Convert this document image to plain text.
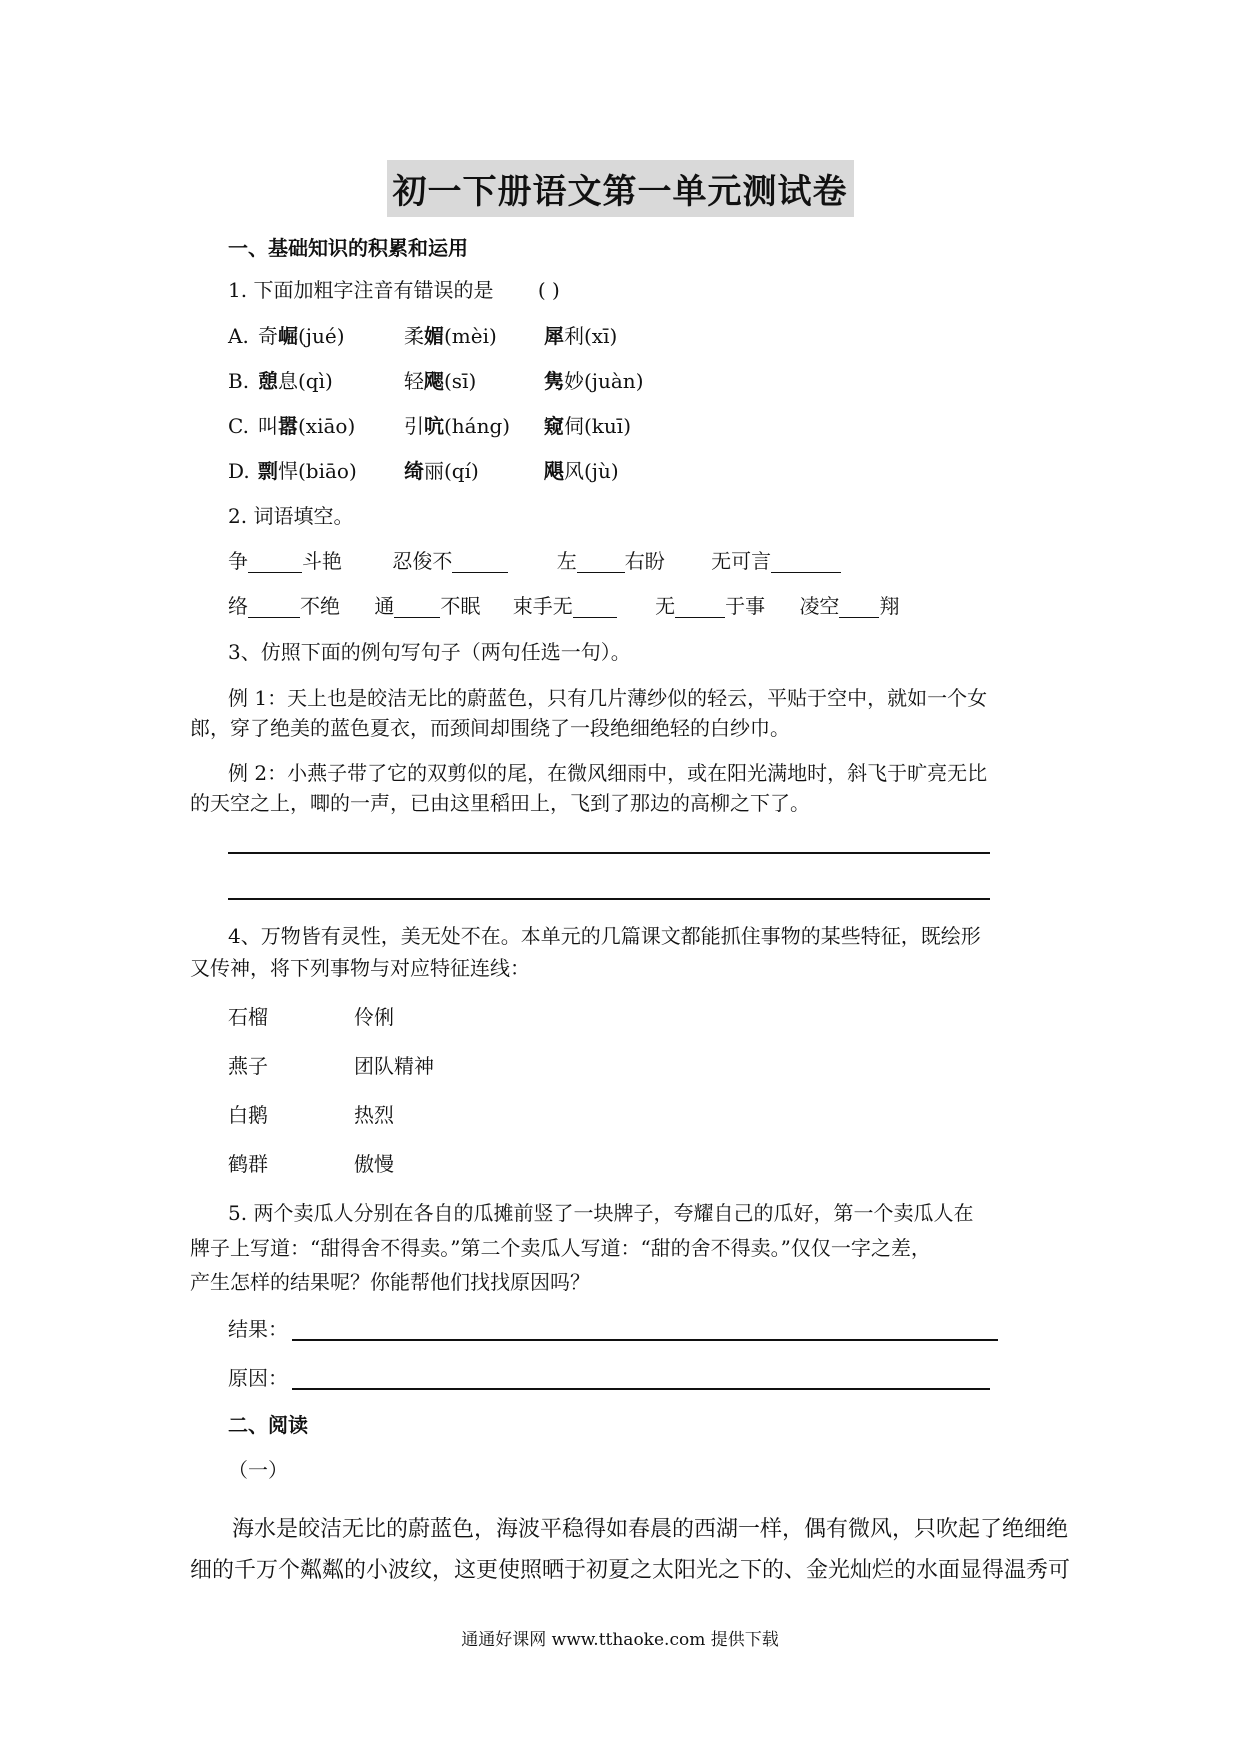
初一下册语文第一单元测试卷
一、基础知识的积累和运用
1. 下面加粗字注音有错误的是 ( )
A. 奇崛(jué)	柔媚(mèi) 犀利(xī)
B. 憩息(qì)	轻飔(sī)	隽妙(juàn)
C. 叫嚣(xiāo) 引吭(háng) 窥伺(kuī)
D. 剽悍(biāo) 绮丽(qí)	飓风(jù)
2. 词语填空。
争	斗艳	忍俊不	左 右盼 无可言
络	不绝 通 不眠 束手无	无	于事 凌空 翔
3、仿照下面的例句写句子（两句任选一句）。
例 1：天上也是皎洁无比的蔚蓝色，只有几片薄纱似的轻云，平贴于空中，就如一个女
郎，穿了绝美的蓝色夏衣，而颈间却围绕了一段绝细绝轻的白纱巾。
例 2：小燕子带了它的双剪似的尾，在微风细雨中，或在阳光满地时，斜飞于旷亮无比
的天空之上，唧的一声，已由这里稻田上，飞到了那边的高柳之下了。
4、万物皆有灵性，美无处不在。本单元的几篇课文都能抓住事物的某些特征，既绘形
又传神，将下列事物与对应特征连线：
石榴	伶俐
燕子	团队精神
白鹅	热烈
鹤群	傲慢
5. 两个卖瓜人分别在各自的瓜摊前竖了一块牌子，夸耀自己的瓜好，第一个卖瓜人在
牌子上写道：“甜得舍不得卖。”第二个卖瓜人写道：“甜的舍不得卖。”仅仅一字之差，
产生怎样的结果呢？你能帮他们找找原因吗？
结果：
原因：
二、阅读
（一）
海水是皎洁无比的蔚蓝色，海波平稳得如春晨的西湖一样，偶有微风，只吹起了绝细绝
细的千万个粼粼的小波纹，这更使照晒于初夏之太阳光之下的、金光灿烂的水面显得温秀可
通通好课网 www.tthaoke.com 提供下载
